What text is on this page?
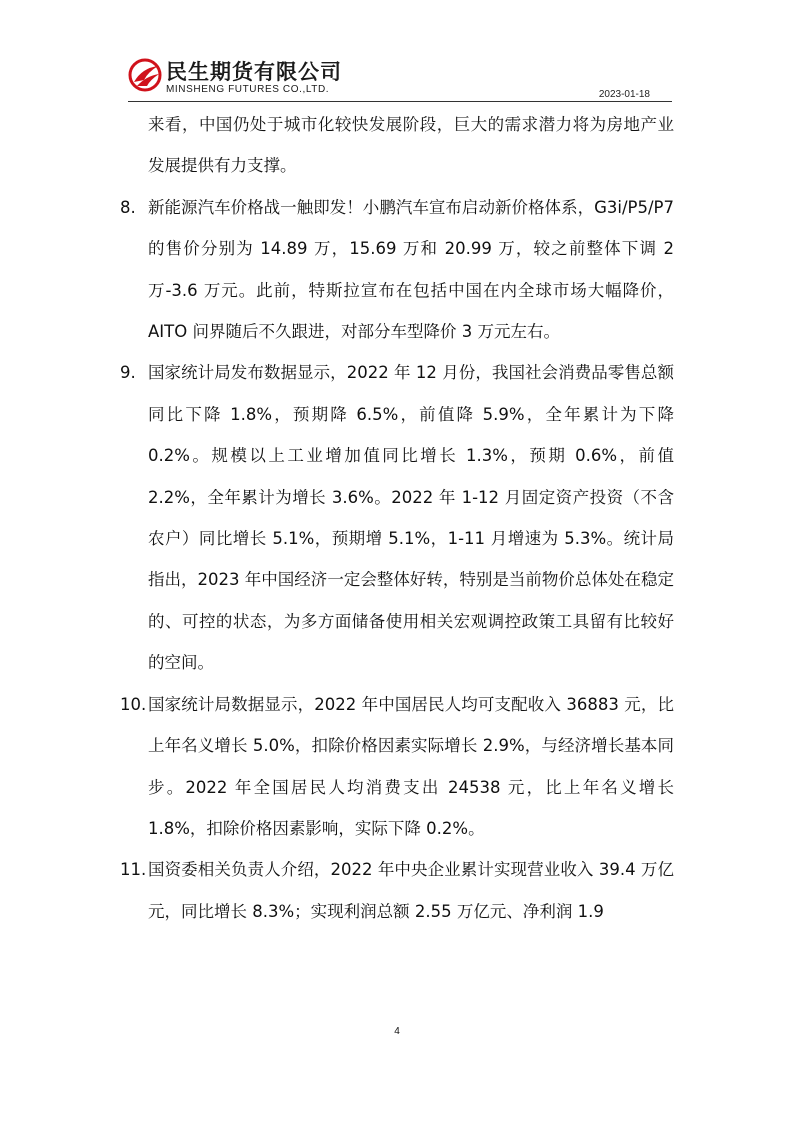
民生期货有限公司
MINSHENG FUTURES CO.,LTD.	2023-01-18
来看，中国仍处于城市化较快发展阶段，巨大的需求潜力将为房地产业发展提供有力支撑。
8. 新能源汽车价格战一触即发！小鹏汽车宣布启动新价格体系，G3i/P5/P7 的售价分别为 14.89 万，15.69 万和 20.99 万，较之前整体下调 2 万-3.6 万元。此前，特斯拉宣布在包括中国在内全球市场大幅降价，AITO 问界随后不久跟进，对部分车型降价 3 万元左右。
9. 国家统计局发布数据显示，2022 年 12 月份，我国社会消费品零售总额同比下降 1.8%，预期降 6.5%，前值降 5.9%，全年累计为下降 0.2%。规模以上工业增加值同比增长 1.3%，预期 0.6%，前值 2.2%，全年累计为增长 3.6%。2022 年 1-12 月固定资产投资（不含农户）同比增长 5.1%，预期增 5.1%，1-11 月增速为 5.3%。统计局指出，2023 年中国经济一定会整体好转，特别是当前物价总体处在稳定的、可控的状态，为多方面储备使用相关宏观调控政策工具留有比较好的空间。
10. 国家统计局数据显示，2022 年中国居民人均可支配收入 36883 元，比上年名义增长 5.0%，扣除价格因素实际增长 2.9%，与经济增长基本同步。2022 年全国居民人均消费支出 24538 元，比上年名义增长 1.8%，扣除价格因素影响，实际下降 0.2%。
11. 国资委相关负责人介绍，2022 年中央企业累计实现营业收入 39.4 万亿元，同比增长 8.3%；实现利润总额 2.55 万亿元、净利润 1.9
4
